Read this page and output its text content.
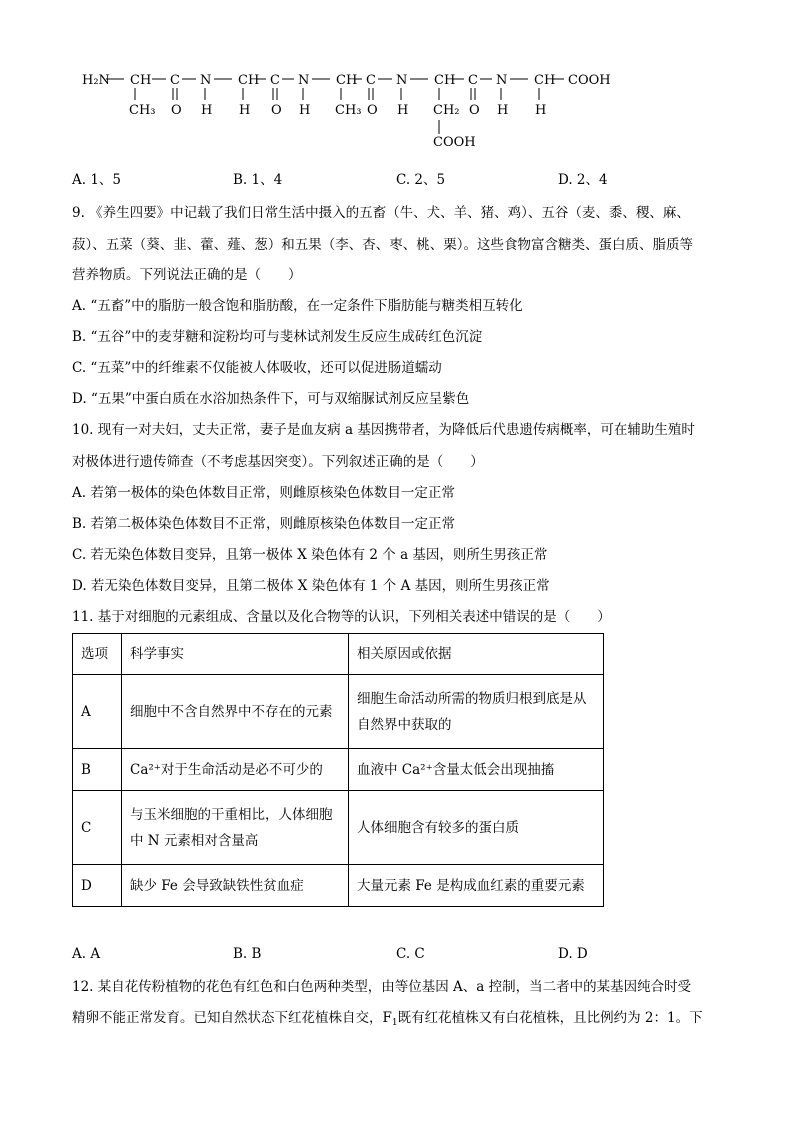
H₂N CH C N CH C N CH C N CH C N CH COOH
CH₃ O H H O H CH₃ O H CH₂ O H H
COOH
A. 1、5	B. 1、4	C. 2、5	D. 2、4
9. 《养生四要》中记载了我们日常生活中摄入的五畜（牛、犬、羊、猪、鸡）、五谷（麦、黍、稷、麻、
菽）、五菜（葵、韭、藿、薤、葱）和五果（李、杏、枣、桃、栗）。这些食物富含糖类、蛋白质、脂质等
营养物质。下列说法正确的是（　　）
A. “五畜”中的脂肪一般含饱和脂肪酸，在一定条件下脂肪能与糖类相互转化
B. “五谷”中的麦芽糖和淀粉均可与斐林试剂发生反应生成砖红色沉淀
C. “五菜”中的纤维素不仅能被人体吸收，还可以促进肠道蠕动
D. “五果”中蛋白质在水浴加热条件下，可与双缩脲试剂反应呈紫色
10. 现有一对夫妇，丈夫正常，妻子是血友病 a 基因携带者，为降低后代患遗传病概率，可在辅助生殖时
对极体进行遗传筛查（不考虑基因突变）。下列叙述正确的是（　　）
A. 若第一极体的染色体数目正常，则雌原核染色体数目一定正常
B. 若第二极体染色体数目不正常，则雌原核染色体数目一定正常
C. 若无染色体数目变异，且第一极体 X 染色体有 2 个 a 基因，则所生男孩正常
D. 若无染色体数目变异，且第二极体 X 染色体有 1 个 A 基因，则所生男孩正常
11. 基于对细胞的元素组成、含量以及化合物等的认识，下列相关表述中错误的是（　　）
选项	科学事实	相关原因或依据
A	细胞中不含自然界中不存在的元素	细胞生命活动所需的物质归根到底是从
自然界中获取的

B	Ca²⁺对于生命活动是必不可少的	血液中 Ca²⁺含量太低会出现抽搐
C	与玉米细胞的干重相比，人体细胞
中 N 元素相对含量高	人体细胞含有较多的蛋白质
D	缺少 Fe 会导致缺铁性贫血症	大量元素 Fe 是构成血红素的重要元素
A. A	B. B	C. C	D. D
12. 某自花传粉植物的花色有红色和白色两种类型，由等位基因 A、a 控制，当二者中的某基因纯合时受
精卵不能正常发育。已知自然状态下红花植株自交，$F_1$既有红花植株又有白花植株，且比例约为 2：1。下
